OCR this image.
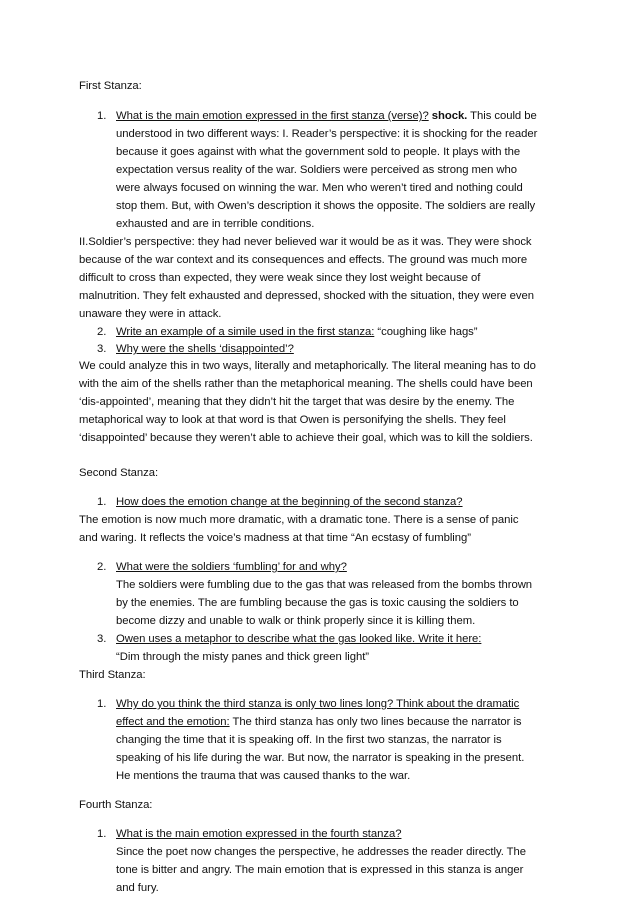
First Stanza:

1. What is the main emotion expressed in the first stanza (verse)? shock. This could be

understood in two different ways: I. Reader’s perspective: it is shocking for the reader

because it goes against with what the government sold to people. It plays with the

expectation versus reality of the war. Soldiers were perceived as strong men who

were always focused on winning the war. Men who weren’t tired and nothing could

stop them. But, with Owen’s description it shows the opposite. The soldiers are really

exhausted and are in terrible conditions.

II.Soldier’s perspective: they had never believed war it would be as it was. They were shock

because of the war context and its consequences and effects. The ground was much more

difficult to cross than expected, they were weak since they lost weight because of

malnutrition. They felt exhausted and depressed, shocked with the situation, they were even

unaware they were in attack.

2. Write an example of a simile used in the first stanza: “coughing like hags”

3. Why were the shells ‘disappointed’?

We could analyze this in two ways, literally and metaphorically. The literal meaning has to do

with the aim of the shells rather than the metaphorical meaning. The shells could have been

‘dis-appointed’, meaning that they didn’t hit the target that was desire by the enemy. The

metaphorical way to look at that word is that Owen is personifying the shells. They feel

‘disappointed’ because they weren’t able to achieve their goal, which was to kill the soldiers.

Second Stanza:

1. How does the emotion change at the beginning of the second stanza?

The emotion is now much more dramatic, with a dramatic tone. There is a sense of panic

and waring. It reflects the voice’s madness at that time “An ecstasy of fumbling”

2. What were the soldiers ‘fumbling’ for and why?

The soldiers were fumbling due to the gas that was released from the bombs thrown

by the enemies. The are fumbling because the gas is toxic causing the soldiers to

become dizzy and unable to walk or think properly since it is killing them.

3. Owen uses a metaphor to describe what the gas looked like. Write it here:

“Dim through the misty panes and thick green light”

Third Stanza:

1. Why do you think the third stanza is only two lines long? Think about the dramatic

effect and the emotion: The third stanza has only two lines because the narrator is

changing the time that it is speaking off. In the first two stanzas, the narrator is

speaking of his life during the war. But now, the narrator is speaking in the present.

He mentions the trauma that was caused thanks to the war.

Fourth Stanza:

1. What is the main emotion expressed in the fourth stanza?

Since the poet now changes the perspective, he addresses the reader directly. The

tone is bitter and angry. The main emotion that is expressed in this stanza is anger

and fury.
